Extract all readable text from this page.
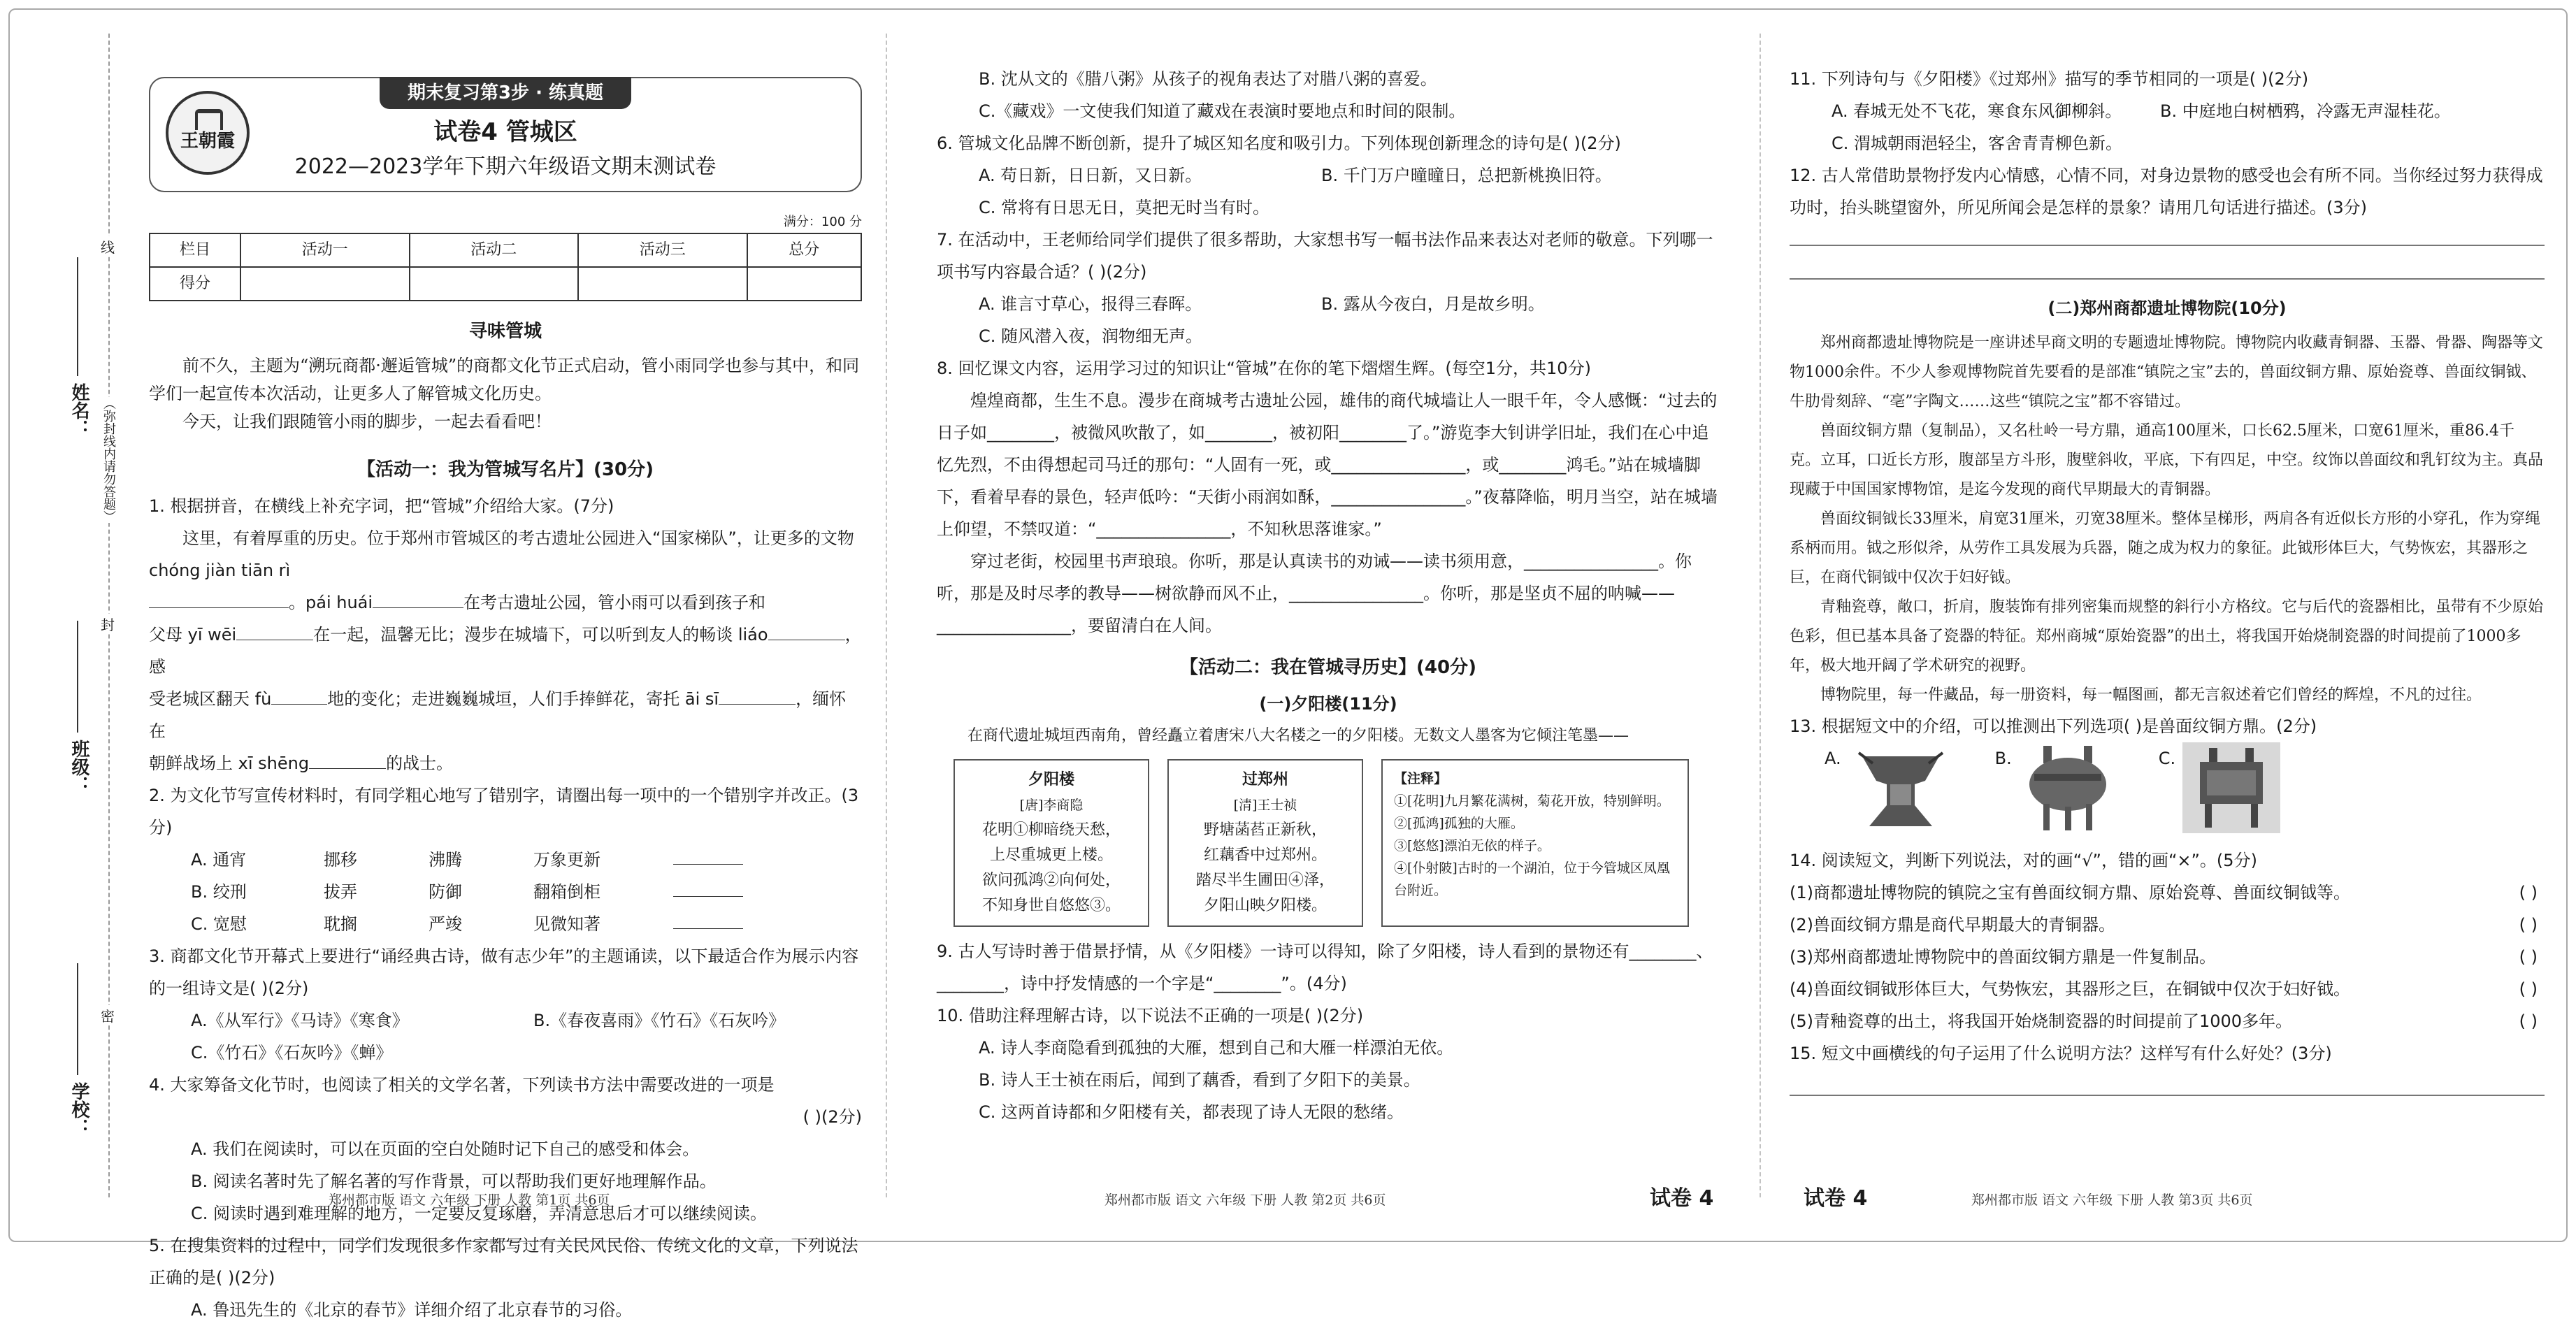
线
封
密
（弥封线内请勿答题）
姓名：
班级：
学校：
期末复习第3步 · 练真题
王朝霞	试卷4 管城区
2022—2023学年下期六年级语文期末测试卷
满分：100 分
栏目	活动一	活动二	活动三	总分
得分				
寻味管城
前不久，主题为“溯玩商都·邂逅管城”的商都文化节正式启动，管小雨同学也参与其中，和同学们一起宣传本次活动，让更多人了解管城文化历史。
今天，让我们跟随管小雨的脚步，一起去看看吧！
【活动一：我为管城写名片】(30分)
1. 根据拼音，在横线上补充字词，把“管城”介绍给大家。(7分)
这里，有着厚重的历史。位于郑州市管城区的考古遗址公园进入“国家梯队”，让更多的文物 chóng jiàn tiān rì
。pái huái	在考古遗址公园，管小雨可以看到孩子和
父母 yī wēi	在一起，温馨无比；漫步在城墙下，可以听到友人的畅谈 liáo	，感
受老城区翻天 fù	地的变化；走进巍巍城垣，人们手捧鲜花，寄托 āi sī	，缅怀在
朝鲜战场上 xī shēng	的战士。
2. 为文化节写宣传材料时，有同学粗心地写了错别字，请圈出每一项中的一个错别字并改正。(3分)
A. 通宵	挪移	沸腾	万象更新
B. 绞刑	拔弄	防御	翻箱倒柜
C. 宽慰	耽搁	严竣	见微知著
3. 商都文化节开幕式上要进行“诵经典古诗，做有志少年”的主题诵读，以下最适合作为展示内容的一组诗文是( )(2分)
A.《从军行》《马诗》《寒食》	B.《春夜喜雨》《竹石》《石灰吟》
C.《竹石》《石灰吟》《蝉》
4. 大家筹备文化节时，也阅读了相关的文学名著，下列读书方法中需要改进的一项是
( )(2分)
A. 我们在阅读时，可以在页面的空白处随时记下自己的感受和体会。
B. 阅读名著时先了解名著的写作背景，可以帮助我们更好地理解作品。
C. 阅读时遇到难理解的地方，一定要反复琢磨，弄清意思后才可以继续阅读。
5. 在搜集资料的过程中，同学们发现很多作家都写过有关民风民俗、传统文化的文章，下列说法正确的是( )(2分)
A. 鲁迅先生的《北京的春节》详细介绍了北京春节的习俗。
郑州都市版 语文 六年级 下册 人教 第1页 共6页
B. 沈从文的《腊八粥》从孩子的视角表达了对腊八粥的喜爱。
C.《藏戏》一文使我们知道了藏戏在表演时要地点和时间的限制。
6. 管城文化品牌不断创新，提升了城区知名度和吸引力。下列体现创新理念的诗句是( )(2分)
A. 苟日新，日日新，又日新。	B. 千门万户曈曈日，总把新桃换旧符。
C. 常将有日思无日，莫把无时当有时。
7. 在活动中，王老师给同学们提供了很多帮助，大家想书写一幅书法作品来表达对老师的敬意。下列哪一项书写内容最合适？( )(2分)
A. 谁言寸草心，报得三春晖。	B. 露从今夜白，月是故乡明。
C. 随风潜入夜，润物细无声。
8. 回忆课文内容，运用学习过的知识让“管城”在你的笔下熠熠生辉。(每空1分，共10分)
煌煌商都，生生不息。漫步在商城考古遗址公园，雄伟的商代城墙让人一眼千年，令人感慨：“过去的日子如________，被微风吹散了，如________，被初阳________了。”游览李大钊讲学旧址，我们在心中追忆先烈，不由得想起司马迁的那句：“人固有一死，或________________，或________鸿毛。”站在城墙脚下，看着早春的景色，轻声低吟：“天街小雨润如酥，________________。”夜幕降临，明月当空，站在城墙上仰望，不禁叹道：“________________，不知秋思落谁家。”
穿过老街，校园里书声琅琅。你听，那是认真读书的劝诫——读书须用意，________________。你听，那是及时尽孝的教导——树欲静而风不止，________________。你听，那是坚贞不屈的呐喊——________________，要留清白在人间。
【活动二：我在管城寻历史】(40分)
(一)夕阳楼(11分)
在商代遗址城垣西南角，曾经矗立着唐宋八大名楼之一的夕阳楼。无数文人墨客为它倾注笔墨——
夕阳楼
[唐]李商隐
花明①柳暗绕天愁，
上尽重城更上楼。
欲问孤鸿②向何处，
不知身世自悠悠③。
过郑州
[清]王士祯
野塘菡萏正新秋，
红藕香中过郑州。
踏尽半生圃田④泽，
夕阳山映夕阳楼。
【注释】
①[花明]九月繁花满树，菊花开放，特别鲜明。
②[孤鸿]孤独的大雁。
③[悠悠]漂泊无依的样子。
④[仆射陂]古时的一个湖泊，位于今管城区凤凰台附近。
9. 古人写诗时善于借景抒情，从《夕阳楼》一诗可以得知，除了夕阳楼，诗人看到的景物还有________、________，诗中抒发情感的一个字是“________”。(4分)
10. 借助注释理解古诗，以下说法不正确的一项是( )(2分)
A. 诗人李商隐看到孤独的大雁，想到自己和大雁一样漂泊无依。
B. 诗人王士祯在雨后，闻到了藕香，看到了夕阳下的美景。
C. 这两首诗都和夕阳楼有关，都表现了诗人无限的愁绪。
郑州都市版 语文 六年级 下册 人教 第2页 共6页	试卷 4
11. 下列诗句与《夕阳楼》《过郑州》描写的季节相同的一项是( )(2分)
A. 春城无处不飞花，寒食东风御柳斜。	B. 中庭地白树栖鸦，冷露无声湿桂花。
C. 渭城朝雨浥轻尘，客舍青青柳色新。
12. 古人常借助景物抒发内心情感，心情不同，对身边景物的感受也会有所不同。当你经过努力获得成功时，抬头眺望窗外，所见所闻会是怎样的景象？请用几句话进行描述。(3分)
(二)郑州商都遗址博物院(10分)
郑州商都遗址博物院是一座讲述早商文明的专题遗址博物院。博物院内收藏青铜器、玉器、骨器、陶器等文物1000余件。不少人参观博物院首先要看的是部准“镇院之宝”去的，兽面纹铜方鼎、原始瓷尊、兽面纹铜钺、牛肋骨刻辞、“亳”字陶文……这些“镇院之宝”都不容错过。
兽面纹铜方鼎（复制品），又名杜岭一号方鼎，通高100厘米，口长62.5厘米，口宽61厘米，重86.4千克。立耳，口近长方形，腹部呈方斗形，腹壁斜收，平底，下有四足，中空。纹饰以兽面纹和乳钉纹为主。真品现藏于中国国家博物馆，是迄今发现的商代早期最大的青铜器。
兽面纹铜钺长33厘米，肩宽31厘米，刃宽38厘米。整体呈梯形，两肩各有近似长方形的小穿孔，作为穿绳系柄而用。钺之形似斧，从劳作工具发展为兵器，随之成为权力的象征。此钺形体巨大，气势恢宏，其器形之巨，在商代铜钺中仅次于妇好钺。
青釉瓷尊，敞口，折肩，腹装饰有排列密集而规整的斜行小方格纹。它与后代的瓷器相比，虽带有不少原始色彩，但已基本具备了瓷器的特征。郑州商城“原始瓷器”的出土，将我国开始烧制瓷器的时间提前了1000多年，极大地开阔了学术研究的视野。
博物院里，每一件藏品，每一册资料，每一幅图画，都无言叙述着它们曾经的辉煌，不凡的过往。
13. 根据短文中的介绍，可以推测出下列选项( )是兽面纹铜方鼎。(2分)
A.	B.	C.
14. 阅读短文，判断下列说法，对的画“√”，错的画“×”。(5分)
(1)商都遗址博物院的镇院之宝有兽面纹铜方鼎、原始瓷尊、兽面纹铜钺等。	( )
(2)兽面纹铜方鼎是商代早期最大的青铜器。	( )
(3)郑州商都遗址博物院中的兽面纹铜方鼎是一件复制品。	( )
(4)兽面纹铜钺形体巨大，气势恢宏，其器形之巨，在铜钺中仅次于妇好钺。	( )
(5)青釉瓷尊的出土，将我国开始烧制瓷器的时间提前了1000多年。	( )
15. 短文中画横线的句子运用了什么说明方法？这样写有什么好处？(3分)
试卷 4	郑州都市版 语文 六年级 下册 人教 第3页 共6页
